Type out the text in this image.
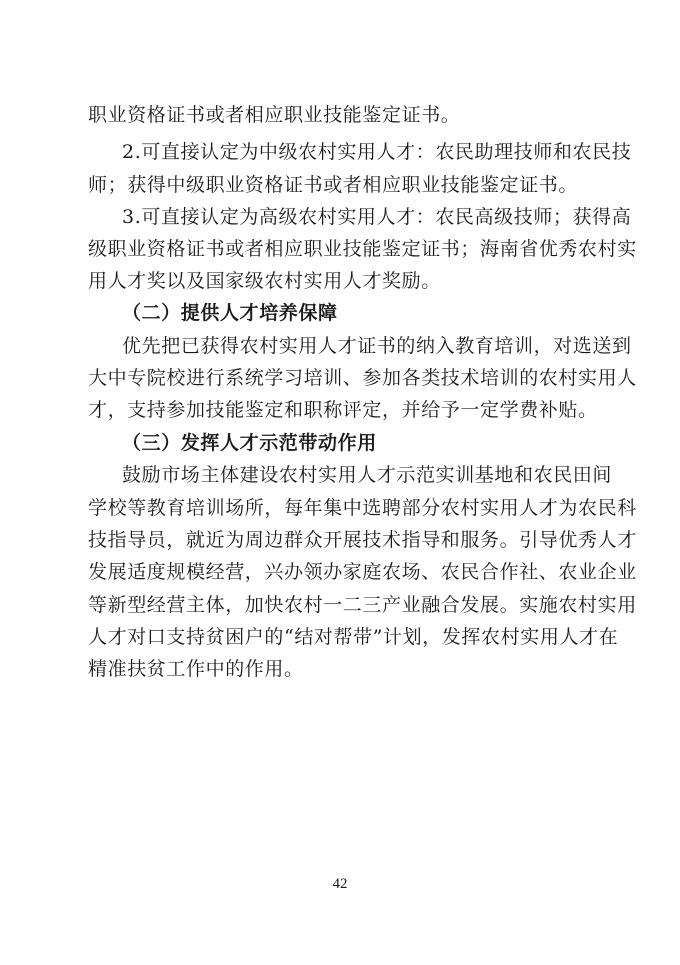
职业资格证书或者相应职业技能鉴定证书。
2.可直接认定为中级农村实用人才：农民助理技师和农民技
师；获得中级职业资格证书或者相应职业技能鉴定证书。
3.可直接认定为高级农村实用人才：农民高级技师；获得高
级职业资格证书或者相应职业技能鉴定证书；海南省优秀农村实
用人才奖以及国家级农村实用人才奖励。
（二）提供人才培养保障
优先把已获得农村实用人才证书的纳入教育培训，对选送到
大中专院校进行系统学习培训、参加各类技术培训的农村实用人
才，支持参加技能鉴定和职称评定，并给予一定学费补贴。
（三）发挥人才示范带动作用
鼓励市场主体建设农村实用人才示范实训基地和农民田间
学校等教育培训场所，每年集中选聘部分农村实用人才为农民科
技指导员，就近为周边群众开展技术指导和服务。引导优秀人才
发展适度规模经营，兴办领办家庭农场、农民合作社、农业企业
等新型经营主体，加快农村一二三产业融合发展。实施农村实用
人才对口支持贫困户的“结对帮带”计划，发挥农村实用人才在
精准扶贫工作中的作用。
42
